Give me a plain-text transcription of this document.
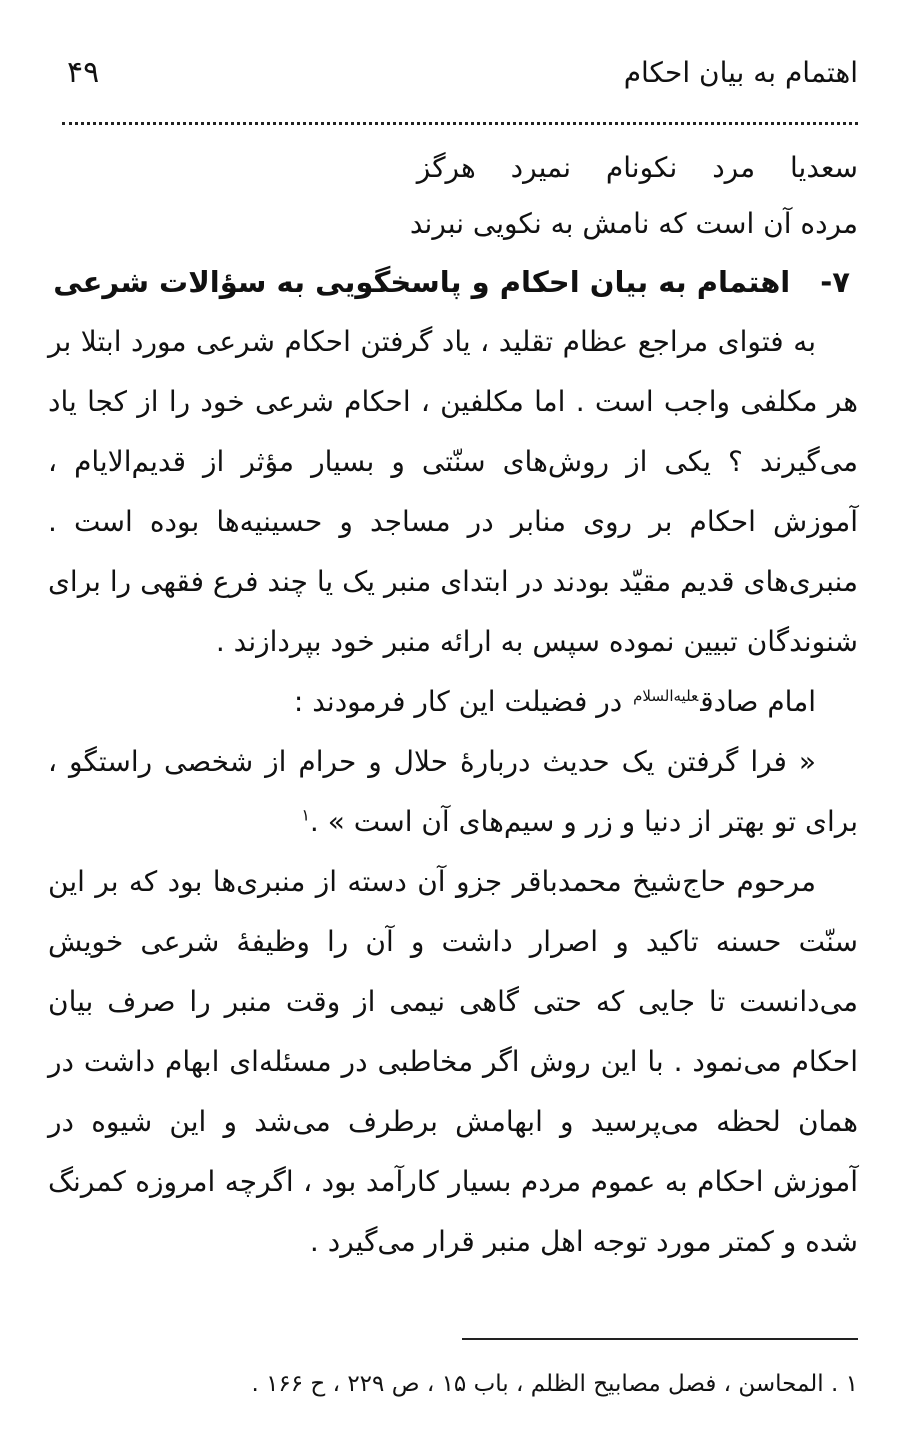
اهتمام به بیان احکام
۴۹
سعدیا مرد نکونام نمیرد هرگز
مرده آن است که نامش به نکویی نبرند
۷-اهتمام به بیان احکام و پاسخگویی به سؤالات شرعی

به فتوای مراجع عظام تقلید ، یاد گرفتن احکام شرعی مورد ابتلا بر هر مکلفی واجب است . اما مکلفین ، احکام شرعی خود را از کجا یاد می‌گیرند ؟ یکی از روش‌های سنّتی و بسیار مؤثر از قدیم‌الایام ، آموزش احکام بر روی منابر در مساجد و حسینیه‌ها بوده است . منبری‌های قدیم مقیّد بودند در ابتدای منبر یک یا چند فرع فقهی را برای شنوندگان تبیین نموده سپس به ارائه منبر خود بپردازند .

امام صادق$^{علیه‌السلام}$ در فضیلت این کار فرمودند :

« فرا گرفتن یک حدیث دربارۀ حلال و حرام از شخصی راستگو ، برای تو بهتر از دنیا و زر و سیم‌های آن است » .$^۱$

مرحوم حاج‌شیخ محمدباقر جزو آن دسته از منبری‌ها بود که بر این سنّت حسنه تاکید و اصرار داشت و آن را وظیفۀ شرعی خویش می‌دانست تا جایی که حتی گاهی نیمی از وقت منبر را صرف بیان احکام می‌نمود . با این روش اگر مخاطبی در مسئله‌ای ابهام داشت در همان لحظه می‌پرسید و ابهامش برطرف می‌شد و این شیوه در آموزش احکام به عموم مردم بسیار کارآمد بود ، اگرچه امروزه کمرنگ شده و کمتر مورد توجه اهل منبر قرار می‌گیرد .

۱ . المحاسن ، فصل مصابیح الظلم ، باب ۱۵ ، ص ۲۲۹ ، ح ۱۶۶ .
